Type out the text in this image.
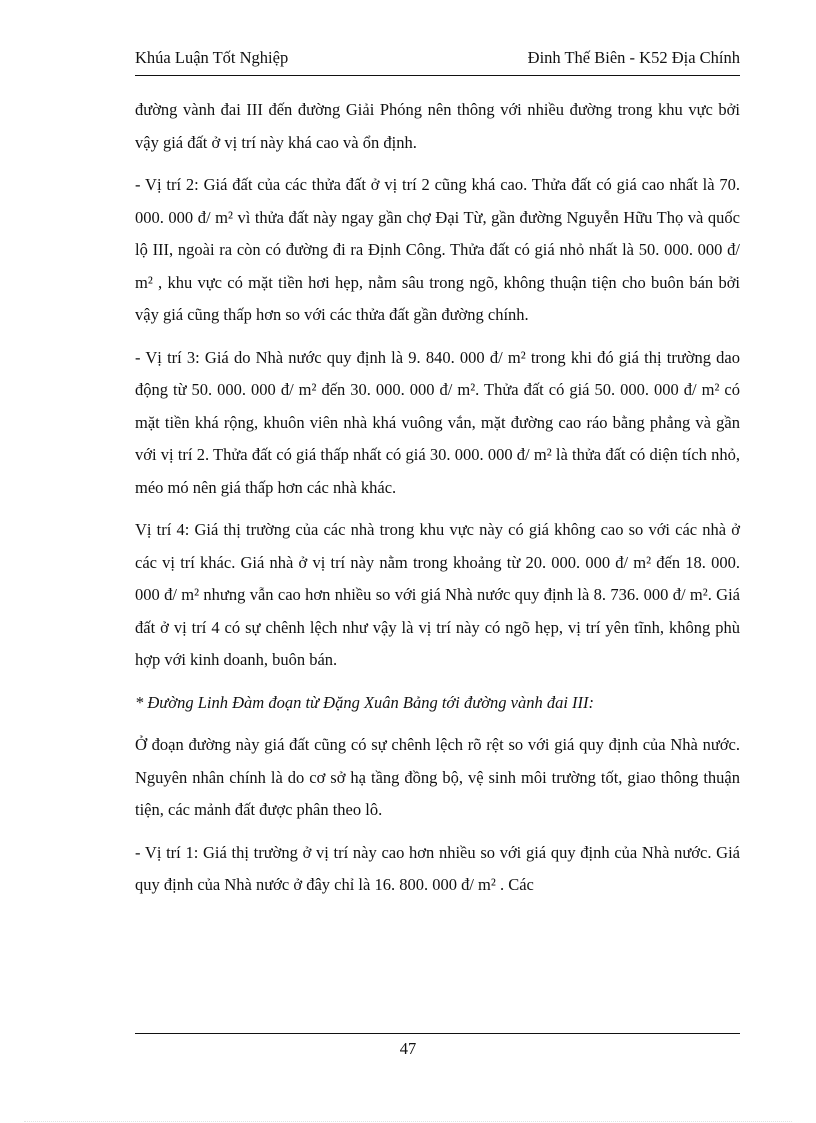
Khúa Luận Tốt Nghiệp	Đinh Thế Biên - K52 Địa Chính

đường vành đai III đến đường Giải Phóng nên thông với nhiều đường trong khu vực bởi vậy giá đất ở vị trí này khá cao và ổn định.

- Vị trí 2: Giá đất của các thửa đất ở vị trí 2 cũng khá cao. Thửa đất có giá cao nhất là 70. 000. 000 đ/ m² vì thửa đất này ngay gần chợ Đại Từ, gần đường Nguyễn Hữu Thọ và quốc lộ III, ngoài ra còn có đường đi ra Định Công. Thửa đất có giá nhỏ nhất là 50. 000. 000 đ/ m² , khu vực có mặt tiền hơi hẹp, nằm sâu trong ngõ, không thuận tiện cho buôn bán bởi vậy giá cũng thấp hơn so với các thửa đất gần đường chính.

- Vị trí 3: Giá do Nhà nước quy định là 9. 840. 000 đ/ m² trong khi đó giá thị trường dao động từ 50. 000. 000 đ/ m² đến 30. 000. 000 đ/ m². Thửa đất có giá 50. 000. 000 đ/ m² có mặt tiền khá rộng, khuôn viên nhà khá vuông vắn, mặt đường cao ráo bằng phẳng và gần với vị trí 2. Thửa đất có giá thấp nhất có giá 30. 000. 000 đ/ m² là thửa đất có diện tích nhỏ, méo mó nên giá thấp hơn các nhà khác.

Vị trí 4: Giá thị trường của các nhà trong khu vực này có giá không cao so với các nhà ở các vị trí khác. Giá nhà ở vị trí này nằm trong khoảng từ 20. 000. 000 đ/ m² đến 18. 000. 000 đ/ m² nhưng vẫn cao hơn nhiều so với giá Nhà nước quy định là 8. 736. 000 đ/ m². Giá đất ở vị trí 4 có sự chênh lệch như vậy là vị trí này có ngõ hẹp, vị trí yên tĩnh, không phù hợp với kinh doanh, buôn bán.

* Đường Linh Đàm đoạn từ Đặng Xuân Bảng tới đường vành đai III:

Ở đoạn đường này giá đất cũng có sự chênh lệch rõ rệt so với giá quy định của Nhà nước. Nguyên nhân chính là do cơ sở hạ tầng đồng bộ, vệ sinh môi trường tốt, giao thông thuận tiện, các mảnh đất được phân theo lô.

- Vị trí 1: Giá thị trường ở vị trí này cao hơn nhiều so với giá quy định của Nhà nước. Giá quy định của Nhà nước ở đây chỉ là 16. 800. 000 đ/ m² . Các

47
